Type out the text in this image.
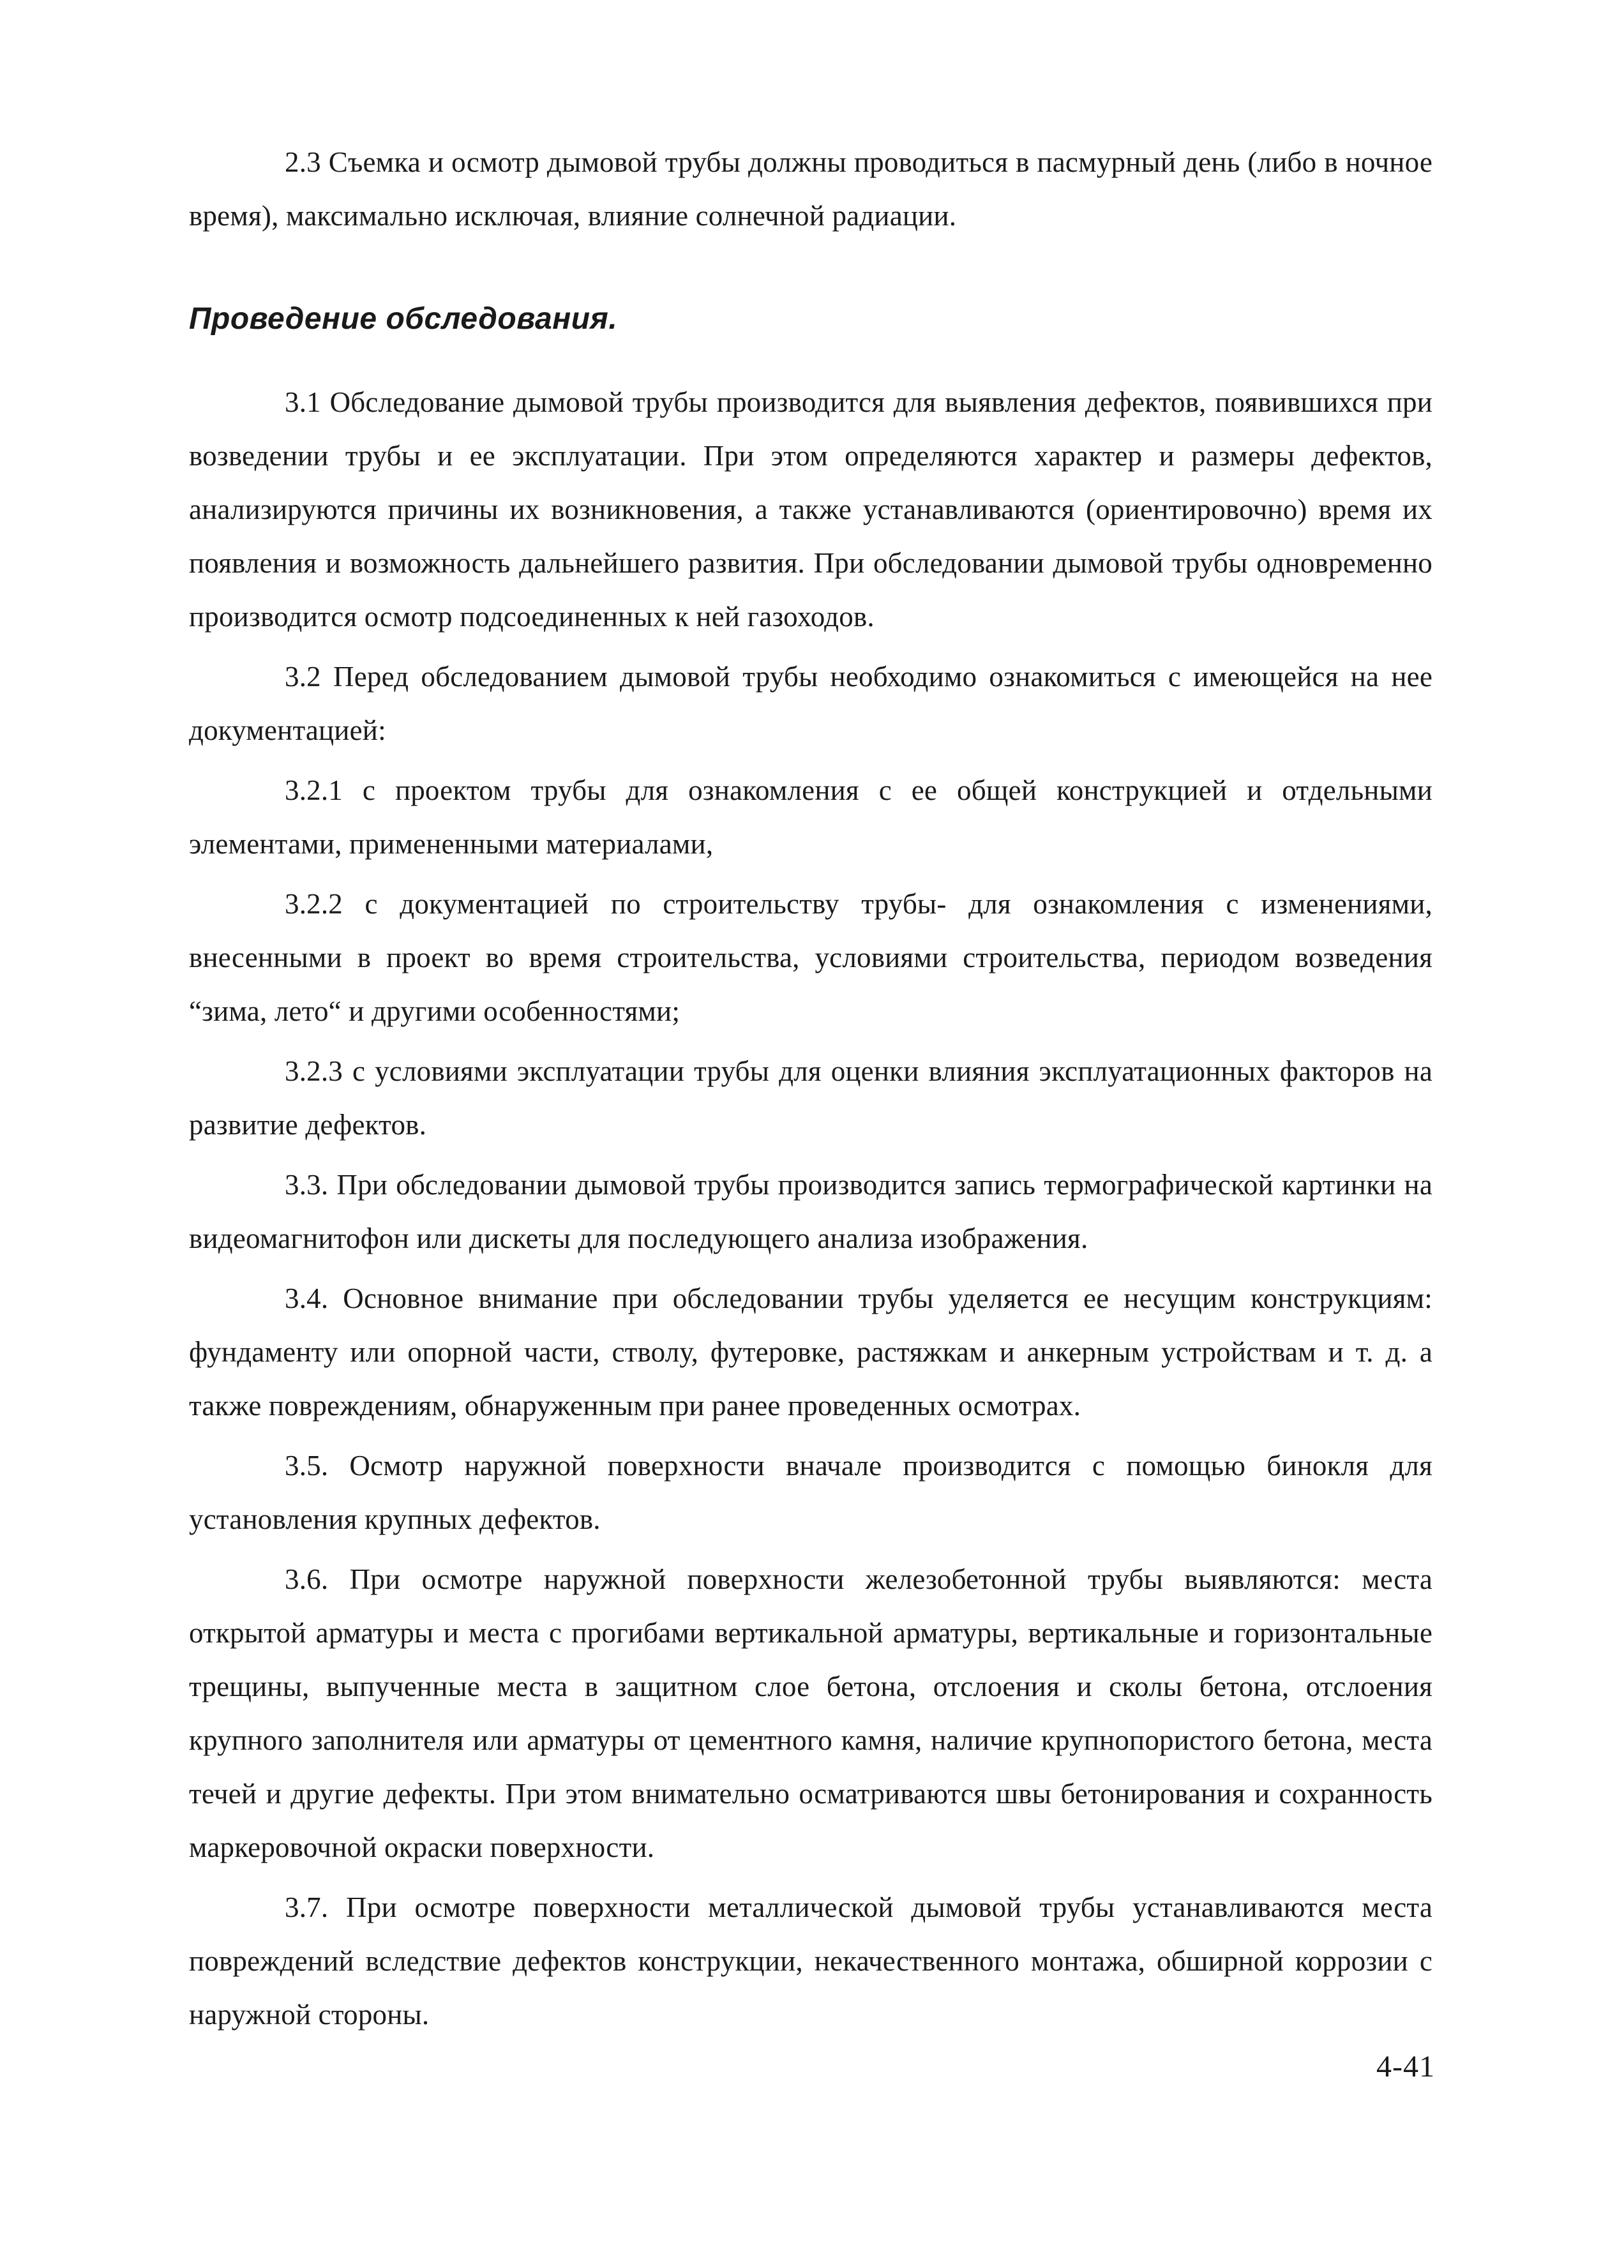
2.3 Съемка и осмотр дымовой трубы должны проводиться в пасмурный день (либо в ночное время), максимально исключая, влияние солнечной радиации.

Проведение обследования.

3.1 Обследование дымовой трубы производится для выявления дефектов, появившихся при возведении трубы и ее эксплуатации. При этом определяются характер и размеры дефектов, анализируются причины их возникновения, а также устанавливаются (ориентировочно) время их появления и возможность дальнейшего развития. При обследовании дымовой трубы одновременно производится осмотр подсоединенных к ней газоходов.

3.2 Перед обследованием дымовой трубы необходимо ознакомиться с имеющейся на нее документацией:

3.2.1 с проектом трубы для ознакомления с ее общей конструкцией и отдельными элементами, примененными материалами,

3.2.2 с документацией по строительству трубы- для ознакомления с изменениями, внесенными в проект во время строительства, условиями строительства, периодом возведения “зима, лето“ и другими особенностями;

3.2.3 с условиями эксплуатации трубы для оценки влияния эксплуатационных факторов на развитие дефектов.

3.3. При обследовании дымовой трубы производится запись термографической картинки на видеомагнитофон или дискеты для последующего анализа изображения.

3.4. Основное внимание при обследовании трубы уделяется ее несущим конструкциям: фундаменту или опорной части, стволу, футеровке, растяжкам и анкерным устройствам и т. д. а также повреждениям, обнаруженным при ранее проведенных осмотрах.

3.5. Осмотр наружной поверхности вначале производится с помощью бинокля для установления крупных дефектов.

3.6. При осмотре наружной поверхности железобетонной трубы выявляются: места открытой арматуры и места с прогибами вертикальной арматуры, вертикальные и горизонтальные трещины, выпученные места в защитном слое бетона, отслоения и сколы бетона, отслоения крупного заполнителя или арматуры от цементного камня, наличие крупнопористого бетона, места течей и другие дефекты. При этом внимательно осматриваются швы бетонирования и сохранность маркеровочной окраски поверхности.

3.7. При осмотре поверхности металлической дымовой трубы устанавливаются места повреждений вследствие дефектов конструкции, некачественного монтажа, обширной коррозии с наружной стороны.

4-41
